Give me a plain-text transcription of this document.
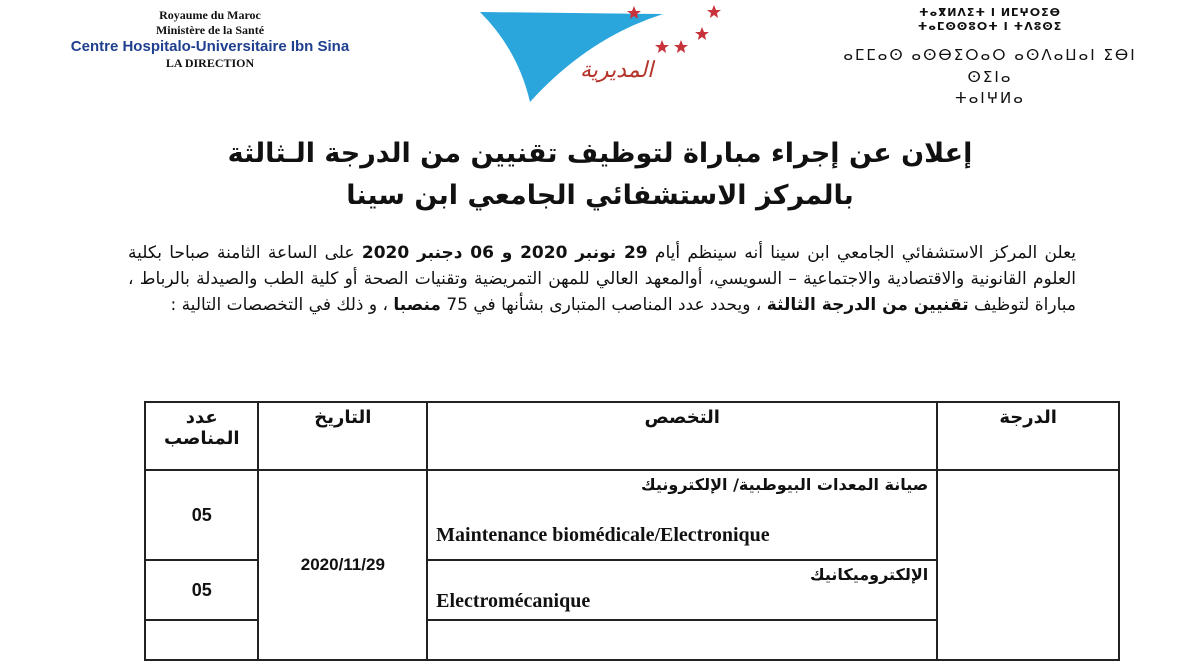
Royaume du Maroc
Ministère de la Santé
Centre Hospitalo-Universitaire Ibn Sina
LA DIRECTION	المديرية
ⵜⴰⴳⵍⴷⵉⵜ ⵏ ⵍⵎⵖⵔⵉⴱ
ⵜⴰⵎⵙⵙⵓⵔⵜ ⵏ ⵜⴷⵓⵙⵉ
ⴰⵎⵎⴰⵙ ⴰⵙⴱⵉⵔⴰⵔ ⴰⵙⴷⴰⵡⴰⵏ ⵉⴱⵏ ⵙⵉⵏⴰ
ⵜⴰⵏⵖⵍⴰ
إعلان عن إجراء مباراة لتوظيف تقنيين من الدرجة الـثالثة
بالمركز الاستشفائي الجامعي ابن سينا
يعلن المركز الاستشفائي الجامعي ابن سينا أنه سينظم أيام 29 نونبر 2020 و 06 دجنبر 2020 على الساعة الثامنة صباحا بكلية العلوم القانونية والاقتصادية والاجتماعية – السويسي، أوالمعهد العالي للمهن التمريضية وتقنيات الصحة أو كلية الطب والصيدلة بالرباط ، مباراة لتوظيف تقنيين من الدرجة الثالثة ، ويحدد عدد المناصب المتبارى بشأنها في 75 منصبا ، و ذلك في التخصصات التالية :
الدرجة	التخصص	التاريخ	عدد المناصب

	صيانة المعدات البيوطبية/ الإلكترونيك
Maintenance biomédicale/Electronique	2020/11/29	05

	الإلكتروميكانيك
Electromécanique		05
